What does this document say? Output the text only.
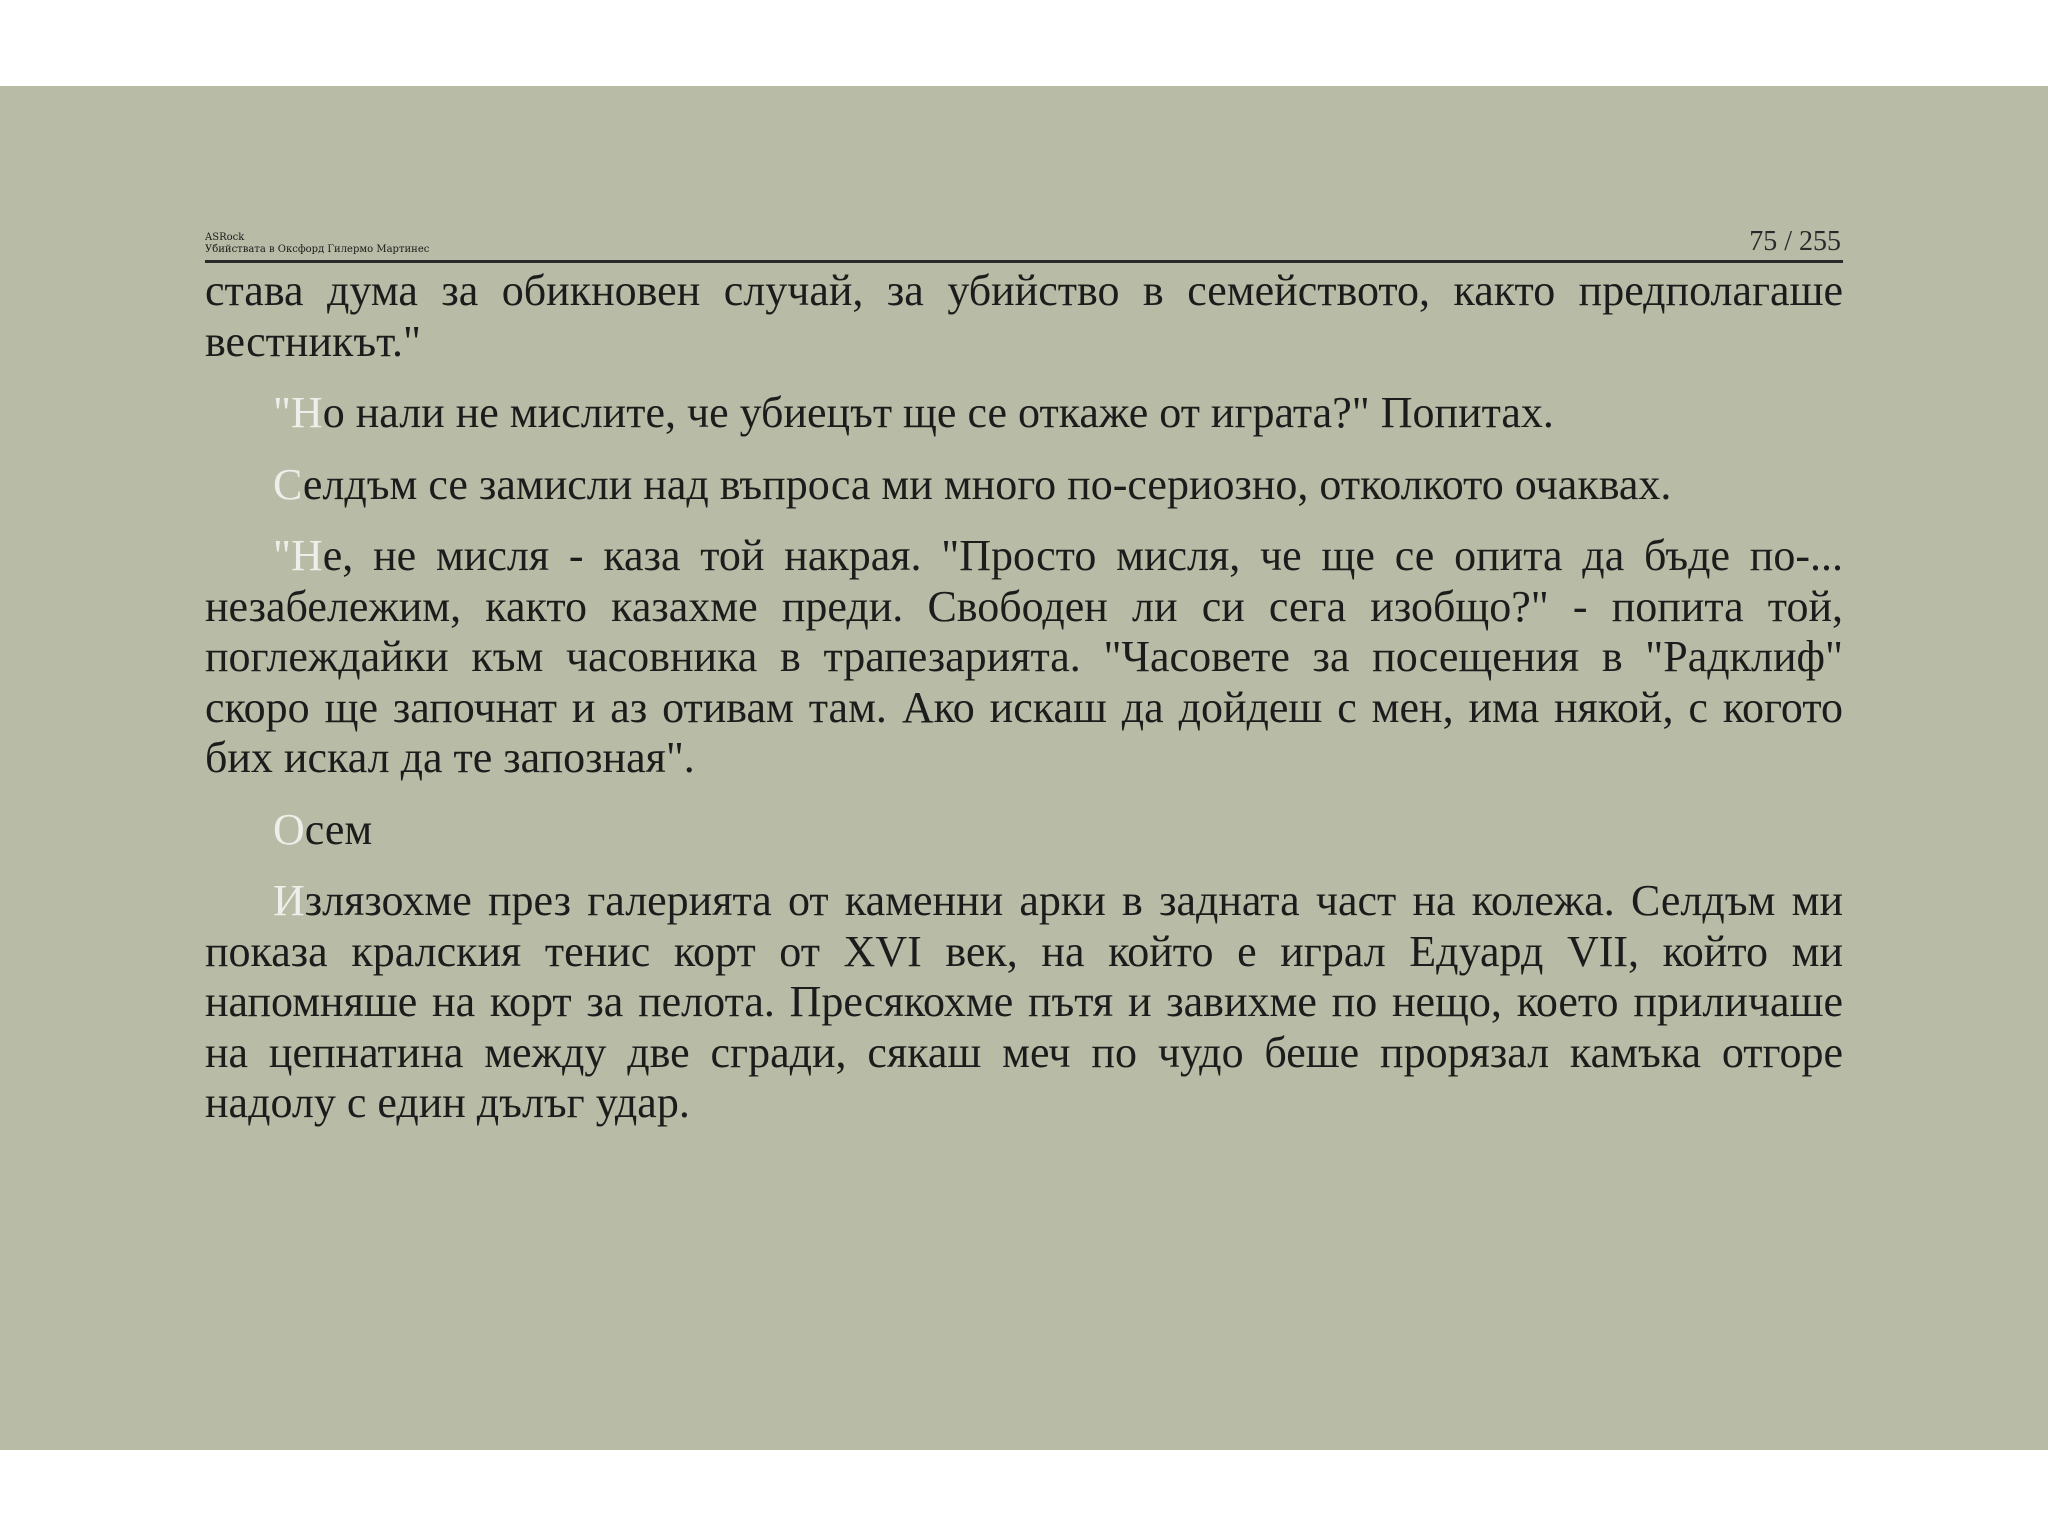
ASRock
Убийствата в Оксфорд Гилермо Мартинес	75 / 255

става дума за обикновен случай, за убийство в семейството, както предполагаше вестникът."

"Но нали не мислите, че убиецът ще се откаже от играта?" Попитах.

Селдъм се замисли над въпроса ми много по-сериозно, отколкото очаквах.

"Не, не мисля - каза той накрая. "Просто мисля, че ще се опита да бъде по-... незабележим, както казахме преди. Свободен ли си сега изобщо?" - попита той, поглеждайки към часовника в трапезарията. "Часовете за посещения в "Радклиф" скоро ще започнат и аз отивам там. Ако искаш да дойдеш с мен, има някой, с когото бих искал да те запозная".

Осем

Излязохме през галерията от каменни арки в задната част на колежа. Селдъм ми показа кралския тенис корт от XVI век, на който е играл Едуард VII, който ми напомняше на корт за пелота. Пресякохме пътя и завихме по нещо, което приличаше на цепнатина между две сгради, сякаш меч по чудо беше прорязал камъка отгоре надолу с един дълъг удар.
